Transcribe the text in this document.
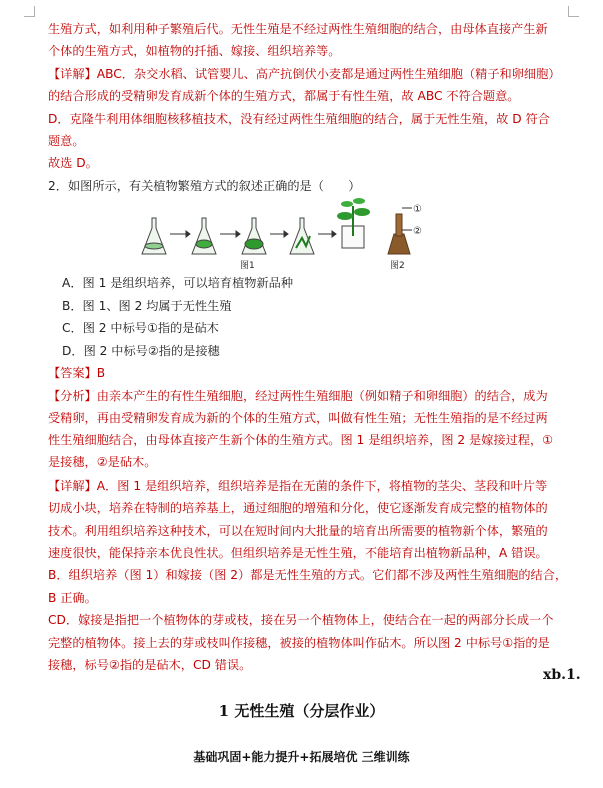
生殖方式，如利用种子繁殖后代。无性生殖是不经过两性生殖细胞的结合，由母体直接产生新
个体的生殖方式，如植物的扦插、嫁接、组织培养等。
【详解】ABC．杂交水稻、试管婴儿、高产抗倒伏小麦都是通过两性生殖细胞（精子和卵细胞）
的结合形成的受精卵发育成新个体的生殖方式，都属于有性生殖，故 ABC 不符合题意。
D．克隆牛利用体细胞核移植技术，没有经过两性生殖细胞的结合，属于无性生殖，故 D 符合
题意。
故选 D。
2．如图所示，有关植物繁殖方式的叙述正确的是（　　）
①
②
图1	图2
A．图 1 是组织培养，可以培育植物新品种
B．图 1、图 2 均属于无性生殖
C．图 2 中标号①指的是砧木
D．图 2 中标号②指的是接穗
【答案】B
【分析】由亲本产生的有性生殖细胞，经过两性生殖细胞（例如精子和卵细胞）的结合，成为
受精卵，再由受精卵发育成为新的个体的生殖方式，叫做有性生殖；无性生殖指的是不经过两
性生殖细胞结合，由母体直接产生新个体的生殖方式。图 1 是组织培养，图 2 是嫁接过程，①
是接穗，②是砧木。
【详解】A．图 1 是组织培养，组织培养是指在无菌的条件下，将植物的茎尖、茎段和叶片等
切成小块，培养在特制的培养基上，通过细胞的增殖和分化，使它逐渐发育成完整的植物体的
技术。利用组织培养这种技术，可以在短时间内大批量的培育出所需要的植物新个体，繁殖的
速度很快，能保持亲本优良性状。但组织培养是无性生殖，不能培育出植物新品种，A 错误。
B．组织培养（图 1）和嫁接（图 2）都是无性生殖的方式。它们都不涉及两性生殖细胞的结合，
B 正确。
CD．嫁接是指把一个植物体的芽或枝，接在另一个植物体上，使结合在一起的两部分长成一个
完整的植物体。接上去的芽或枝叫作接穗，被接的植物体叫作砧木。所以图 2 中标号①指的是
接穗，标号②指的是砧木，CD 错误。
xb.1.
1 无性生殖（分层作业）
基础巩固+能力提升+拓展培优 三维训练
